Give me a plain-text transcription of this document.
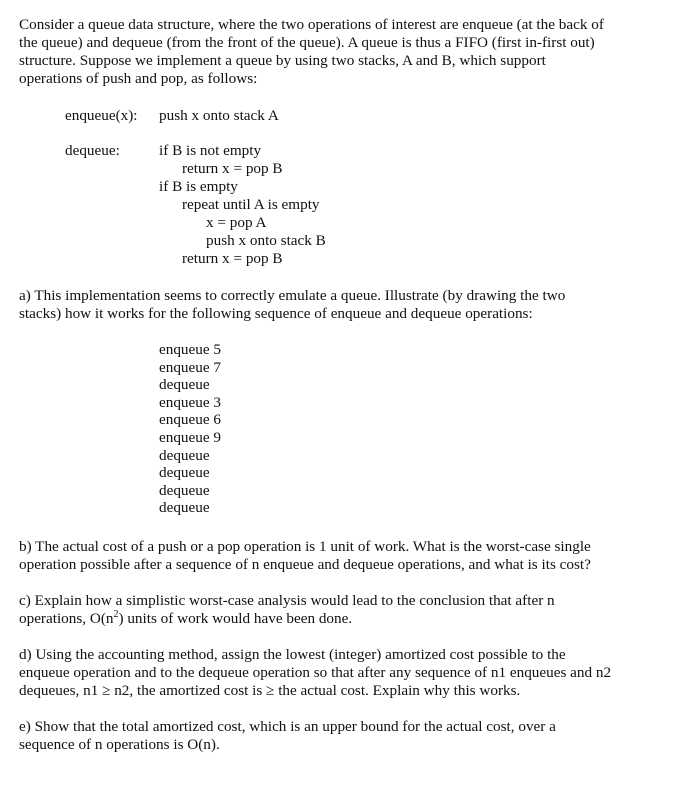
Consider a queue data structure, where the two operations of interest are enqueue (at the back of
the queue) and dequeue (from the front of the queue). A queue is thus a FIFO (first in-first out)
structure. Suppose we implement a queue by using two stacks, A and B, which support
operations of push and pop, as follows:

enqueue(x): push x onto stack A
dequeue:	if B is not empty
return x = pop B
if B is empty
repeat until A is empty
x = pop A
push x onto stack B
return x = pop B

a) This implementation seems to correctly emulate a queue. Illustrate (by drawing the two
stacks) how it works for the following sequence of enqueue and dequeue operations:

enqueue 5
enqueue 7
dequeue
enqueue 3
enqueue 6
enqueue 9
dequeue
dequeue
dequeue
dequeue

b) The actual cost of a push or a pop operation is 1 unit of work. What is the worst-case single
operation possible after a sequence of n enqueue and dequeue operations, and what is its cost?

c) Explain how a simplistic worst-case analysis would lead to the conclusion that after n
operations, $O(n^2)$ units of work would have been done.

d) Using the accounting method, assign the lowest (integer) amortized cost possible to the
enqueue operation and to the dequeue operation so that after any sequence of n1 enqueues and n2
dequeues, n1 ≥ n2, the amortized cost is ≥ the actual cost. Explain why this works.

e) Show that the total amortized cost, which is an upper bound for the actual cost, over a
sequence of n operations is O(n).
